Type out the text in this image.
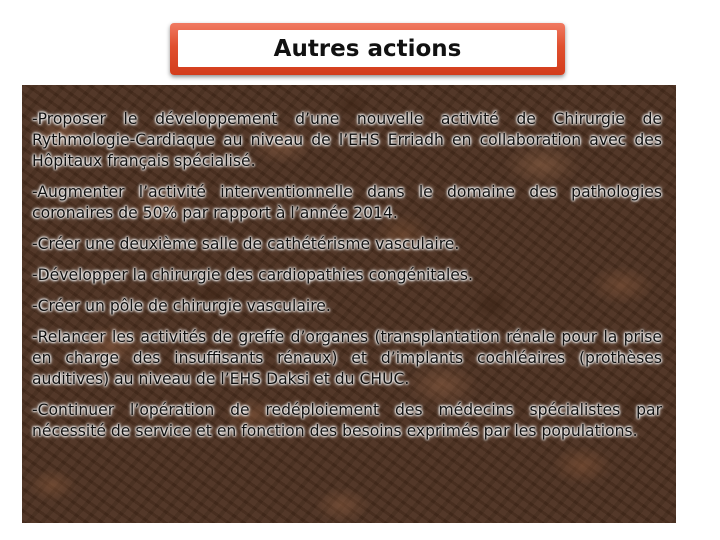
Autres actions

-Proposer le développement d’une nouvelle activité de Chirurgie de Rythmologie-Cardiaque au niveau de l’EHS Erriadh en collaboration avec des Hôpitaux français spécialisé.

-Augmenter l’activité interventionnelle dans le domaine des pathologies coronaires de 50% par rapport à l’année 2014.

-Créer une deuxième salle de cathétérisme vasculaire.

-Développer la chirurgie des cardiopathies congénitales.

-Créer un pôle de chirurgie vasculaire.

-Relancer les activités de greffe d’organes (transplantation rénale pour la prise en charge des insuffisants rénaux) et d’implants cochléaires (prothèses auditives) au niveau de l’EHS Daksi et du CHUC.

-Continuer l’opération de redéploiement des médecins spécialistes par nécessité de service et en fonction des besoins exprimés par les populations.
